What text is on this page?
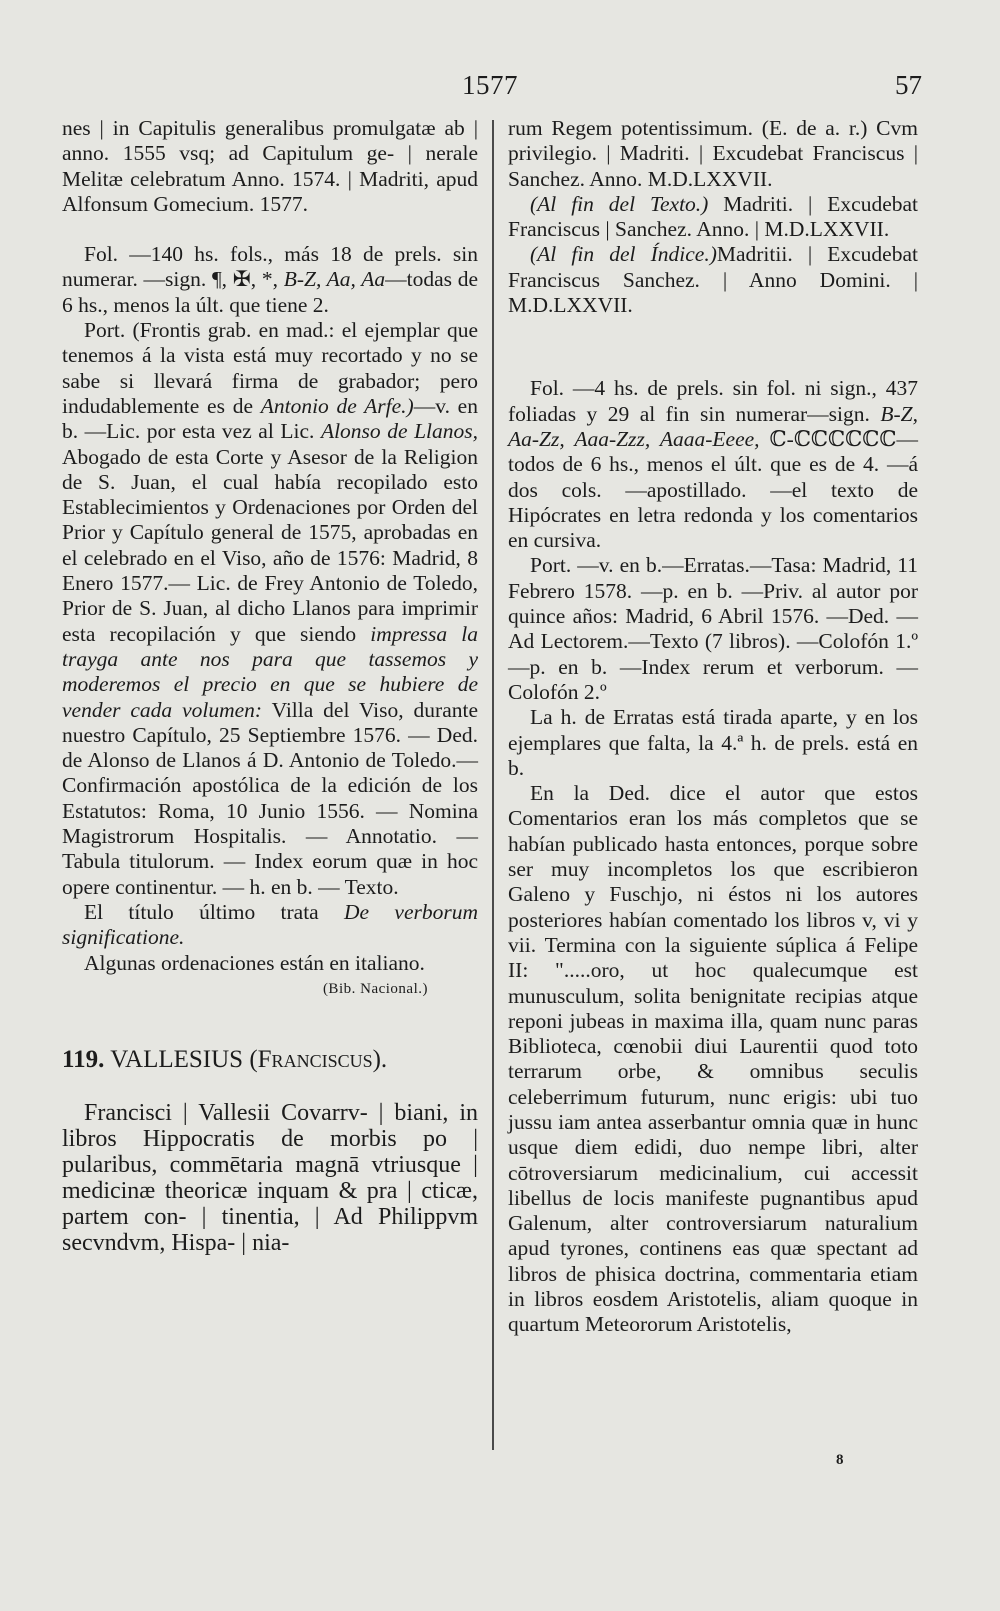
1577	57

nes | in Capitulis generalibus promulgatæ ab | anno. 1555 vsq; ad Capitulum ge- | nerale Melitæ celebratum Anno. 1574. | Madriti, apud Alfonsum Gomecium. 1577.

Fol. —140 hs. fols., más 18 de prels. sin numerar. —sign. ¶, ✠, *, B-Z, Aa, Aa—todas de 6 hs., menos la últ. que tiene 2.

Port. (Frontis grab. en mad.: el ejemplar que tenemos á la vista está muy recortado y no se sabe si llevará firma de grabador; pero indudablemente es de Antonio de Arfe.)—v. en b. —Lic. por esta vez al Lic. Alonso de Llanos, Abogado de esta Corte y Asesor de la Religion de S. Juan, el cual había recopilado esto Establecimientos y Ordenaciones por Orden del Prior y Capítulo general de 1575, aprobadas en el celebrado en el Viso, año de 1576: Madrid, 8 Enero 1577.— Lic. de Frey Antonio de Toledo, Prior de S. Juan, al dicho Llanos para imprimir esta recopilación y que siendo impressa la trayga ante nos para que tassemos y moderemos el precio en que se hubiere de vender cada volumen: Villa del Viso, durante nuestro Capítulo, 25 Septiembre 1576. — Ded. de Alonso de Llanos á D. Antonio de Toledo.— Confirmación apostólica de la edición de los Estatutos: Roma, 10 Junio 1556. — Nomina Magistrorum Hospitalis. — Annotatio. — Tabula titulorum. — Index eorum quæ in hoc opere continentur. — h. en b. — Texto.

El título último trata De verborum significatione.

Algunas ordenaciones están en italiano.

(Bib. Nacional.)

119. VALLESIUS (Franciscus).

Francisci | Vallesii Covarrv- | biani, in libros Hippocratis de morbis po | pularibus, commētaria magnā vtriusque | medicinæ theoricæ inquam & pra | cticæ, partem con- | tinentia, | Ad Philippvm secvndvm, Hispa- | nia-

rum Regem potentissimum. (E. de a. r.) Cvm privilegio. | Madriti. | Excudebat Franciscus | Sanchez. Anno. M.D.LXXVII.

(Al fin del Texto.) Madriti. | Excudebat Franciscus | Sanchez. Anno. | M.D.LXXVII.

(Al fin del Índice.)Madritii. | Excudebat Franciscus Sanchez. | Anno Domini. | M.D.LXXVII.

Fol. —4 hs. de prels. sin fol. ni sign., 437 foliadas y 29 al fin sin numerar—sign. B-Z, Aa-Zz, Aaa-Zzz, Aaaa-Eeee, ℂ-ℂℂℂℂℂℂ—todos de 6 hs., menos el últ. que es de 4. —á dos cols. —apostillado. —el texto de Hipócrates en letra redonda y los comentarios en cursiva.

Port. —v. en b.—Erratas.—Tasa: Madrid, 11 Febrero 1578. —p. en b. —Priv. al autor por quince años: Madrid, 6 Abril 1576. —Ded. —Ad Lectorem.—Texto (7 libros). —Colofón 1.º —p. en b. —Index rerum et verborum. —Colofón 2.º

La h. de Erratas está tirada aparte, y en los ejemplares que falta, la 4.ª h. de prels. está en b.

En la Ded. dice el autor que estos Comentarios eran los más completos que se habían publicado hasta entonces, porque sobre ser muy incompletos los que escribieron Galeno y Fuschjo, ni éstos ni los autores posteriores habían comentado los libros v, vi y vii. Termina con la siguiente súplica á Felipe II: ".....oro, ut hoc qualecumque est munusculum, solita benignitate recipias atque reponi jubeas in maxima illa, quam nunc paras Biblioteca, cœnobii diui Laurentii quod toto terrarum orbe, & omnibus seculis celeberrimum futurum, nunc erigis: ubi tuo jussu iam antea asserbantur omnia quæ in hunc usque diem edidi, duo nempe libri, alter cōtroversiarum medicinalium, cui accessit libellus de locis manifeste pugnantibus apud Galenum, alter controversiarum naturalium apud tyrones, continens eas quæ spectant ad libros de phisica doctrina, commentaria etiam in libros eosdem Aristotelis, aliam quoque in quartum Meteororum Aristotelis,

8
